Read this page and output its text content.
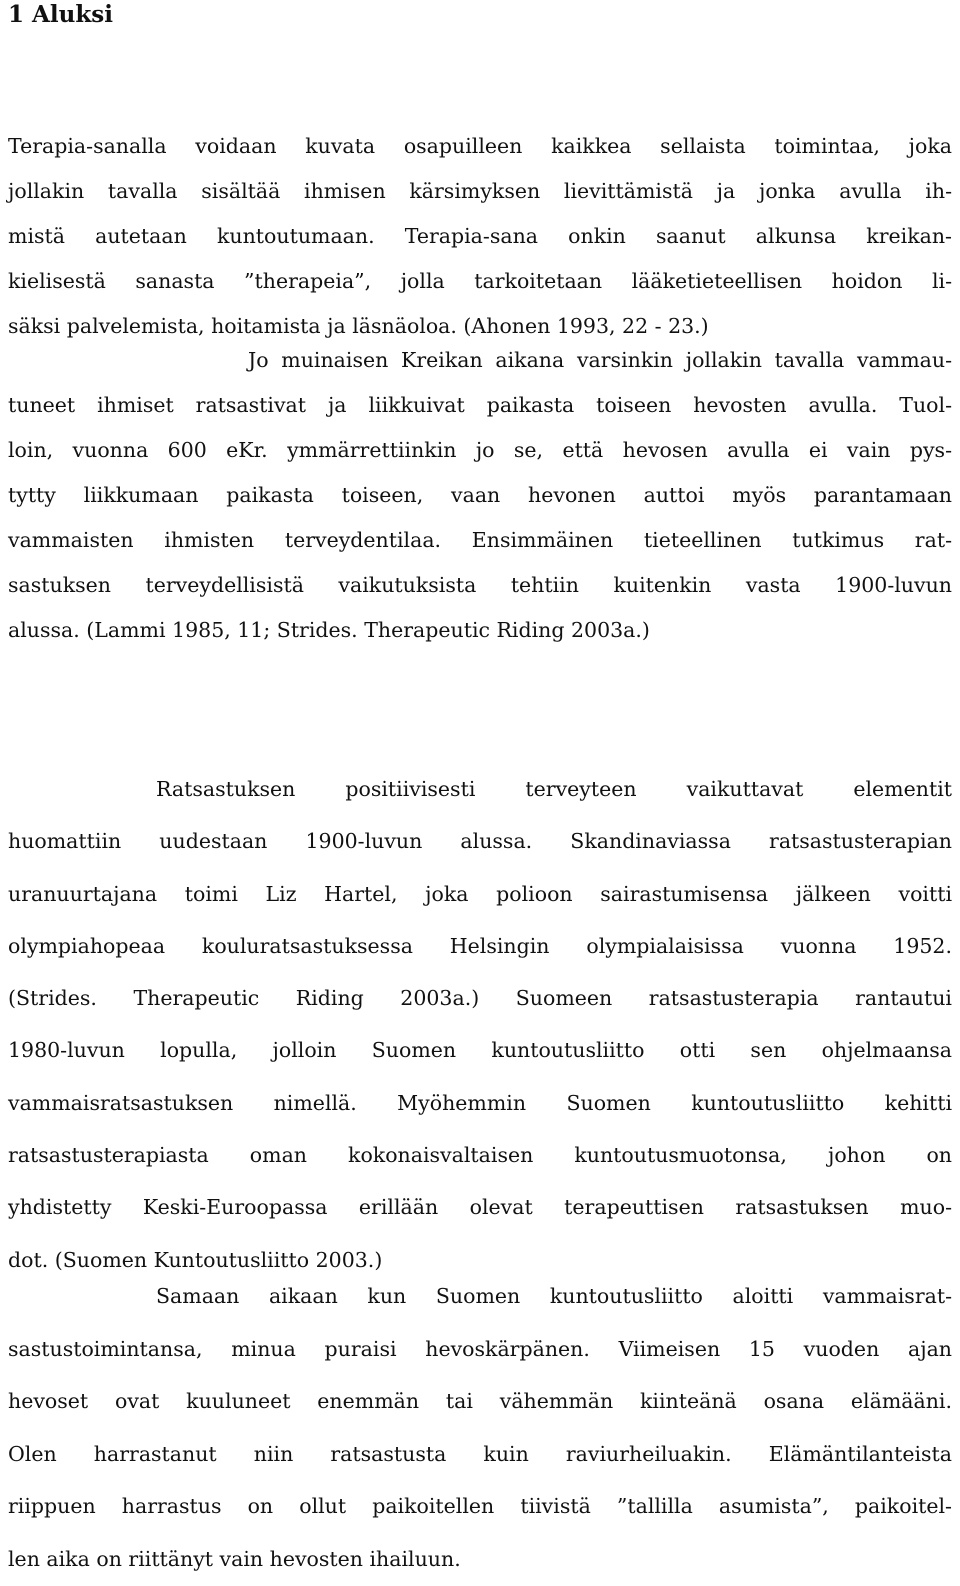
1 Aluksi

Terapia-sanalla voidaan kuvata osapuilleen kaikkea sellaista toimintaa, joka
jollakin tavalla sisältää ihmisen kärsimyksen lievittämistä ja jonka avulla ih-
mistä autetaan kuntoutumaan. Terapia-sana onkin saanut alkunsa kreikan-
kielisestä sanasta ”therapeia”, jolla tarkoitetaan lääketieteellisen hoidon li-
säksi palvelemista, hoitamista ja läsnäoloa. (Ahonen 1993, 22 - 23.)

Jo muinaisen Kreikan aikana varsinkin jollakin tavalla vammau-
tuneet ihmiset ratsastivat ja liikkuivat paikasta toiseen hevosten avulla. Tuol-
loin, vuonna 600 eKr. ymmärrettiinkin jo se, että hevosen avulla ei vain pys-
tytty liikkumaan paikasta toiseen, vaan hevonen auttoi myös parantamaan
vammaisten ihmisten terveydentilaa. Ensimmäinen tieteellinen tutkimus rat-
sastuksen terveydellisistä vaikutuksista tehtiin kuitenkin vasta 1900-luvun
alussa. (Lammi 1985, 11; Strides. Therapeutic Riding 2003a.)

Ratsastuksen positiivisesti terveyteen vaikuttavat elementit
huomattiin uudestaan 1900-luvun alussa. Skandinaviassa ratsastusterapian
uranuurtajana toimi Liz Hartel, joka polioon sairastumisensa jälkeen voitti
olympiahopeaa kouluratsastuksessa Helsingin olympialaisissa vuonna 1952.
(Strides. Therapeutic Riding 2003a.) Suomeen ratsastusterapia rantautui
1980-luvun lopulla, jolloin Suomen kuntoutusliitto otti sen ohjelmaansa
vammaisratsastuksen nimellä. Myöhemmin Suomen kuntoutusliitto kehitti
ratsastusterapiasta oman kokonaisvaltaisen kuntoutusmuotonsa, johon on
yhdistetty Keski-Euroopassa erillään olevat terapeuttisen ratsastuksen muo-
dot. (Suomen Kuntoutusliitto 2003.)

Samaan aikaan kun Suomen kuntoutusliitto aloitti vammaisrat-
sastustoimintansa, minua puraisi hevoskärpänen. Viimeisen 15 vuoden ajan
hevoset ovat kuuluneet enemmän tai vähemmän kiinteänä osana elämääni.
Olen harrastanut niin ratsastusta kuin raviurheiluakin. Elämäntilanteista
riippuen harrastus on ollut paikoitellen tiivistä ”tallilla asumista”, paikoitel-
len aika on riittänyt vain hevosten ihailuun.
